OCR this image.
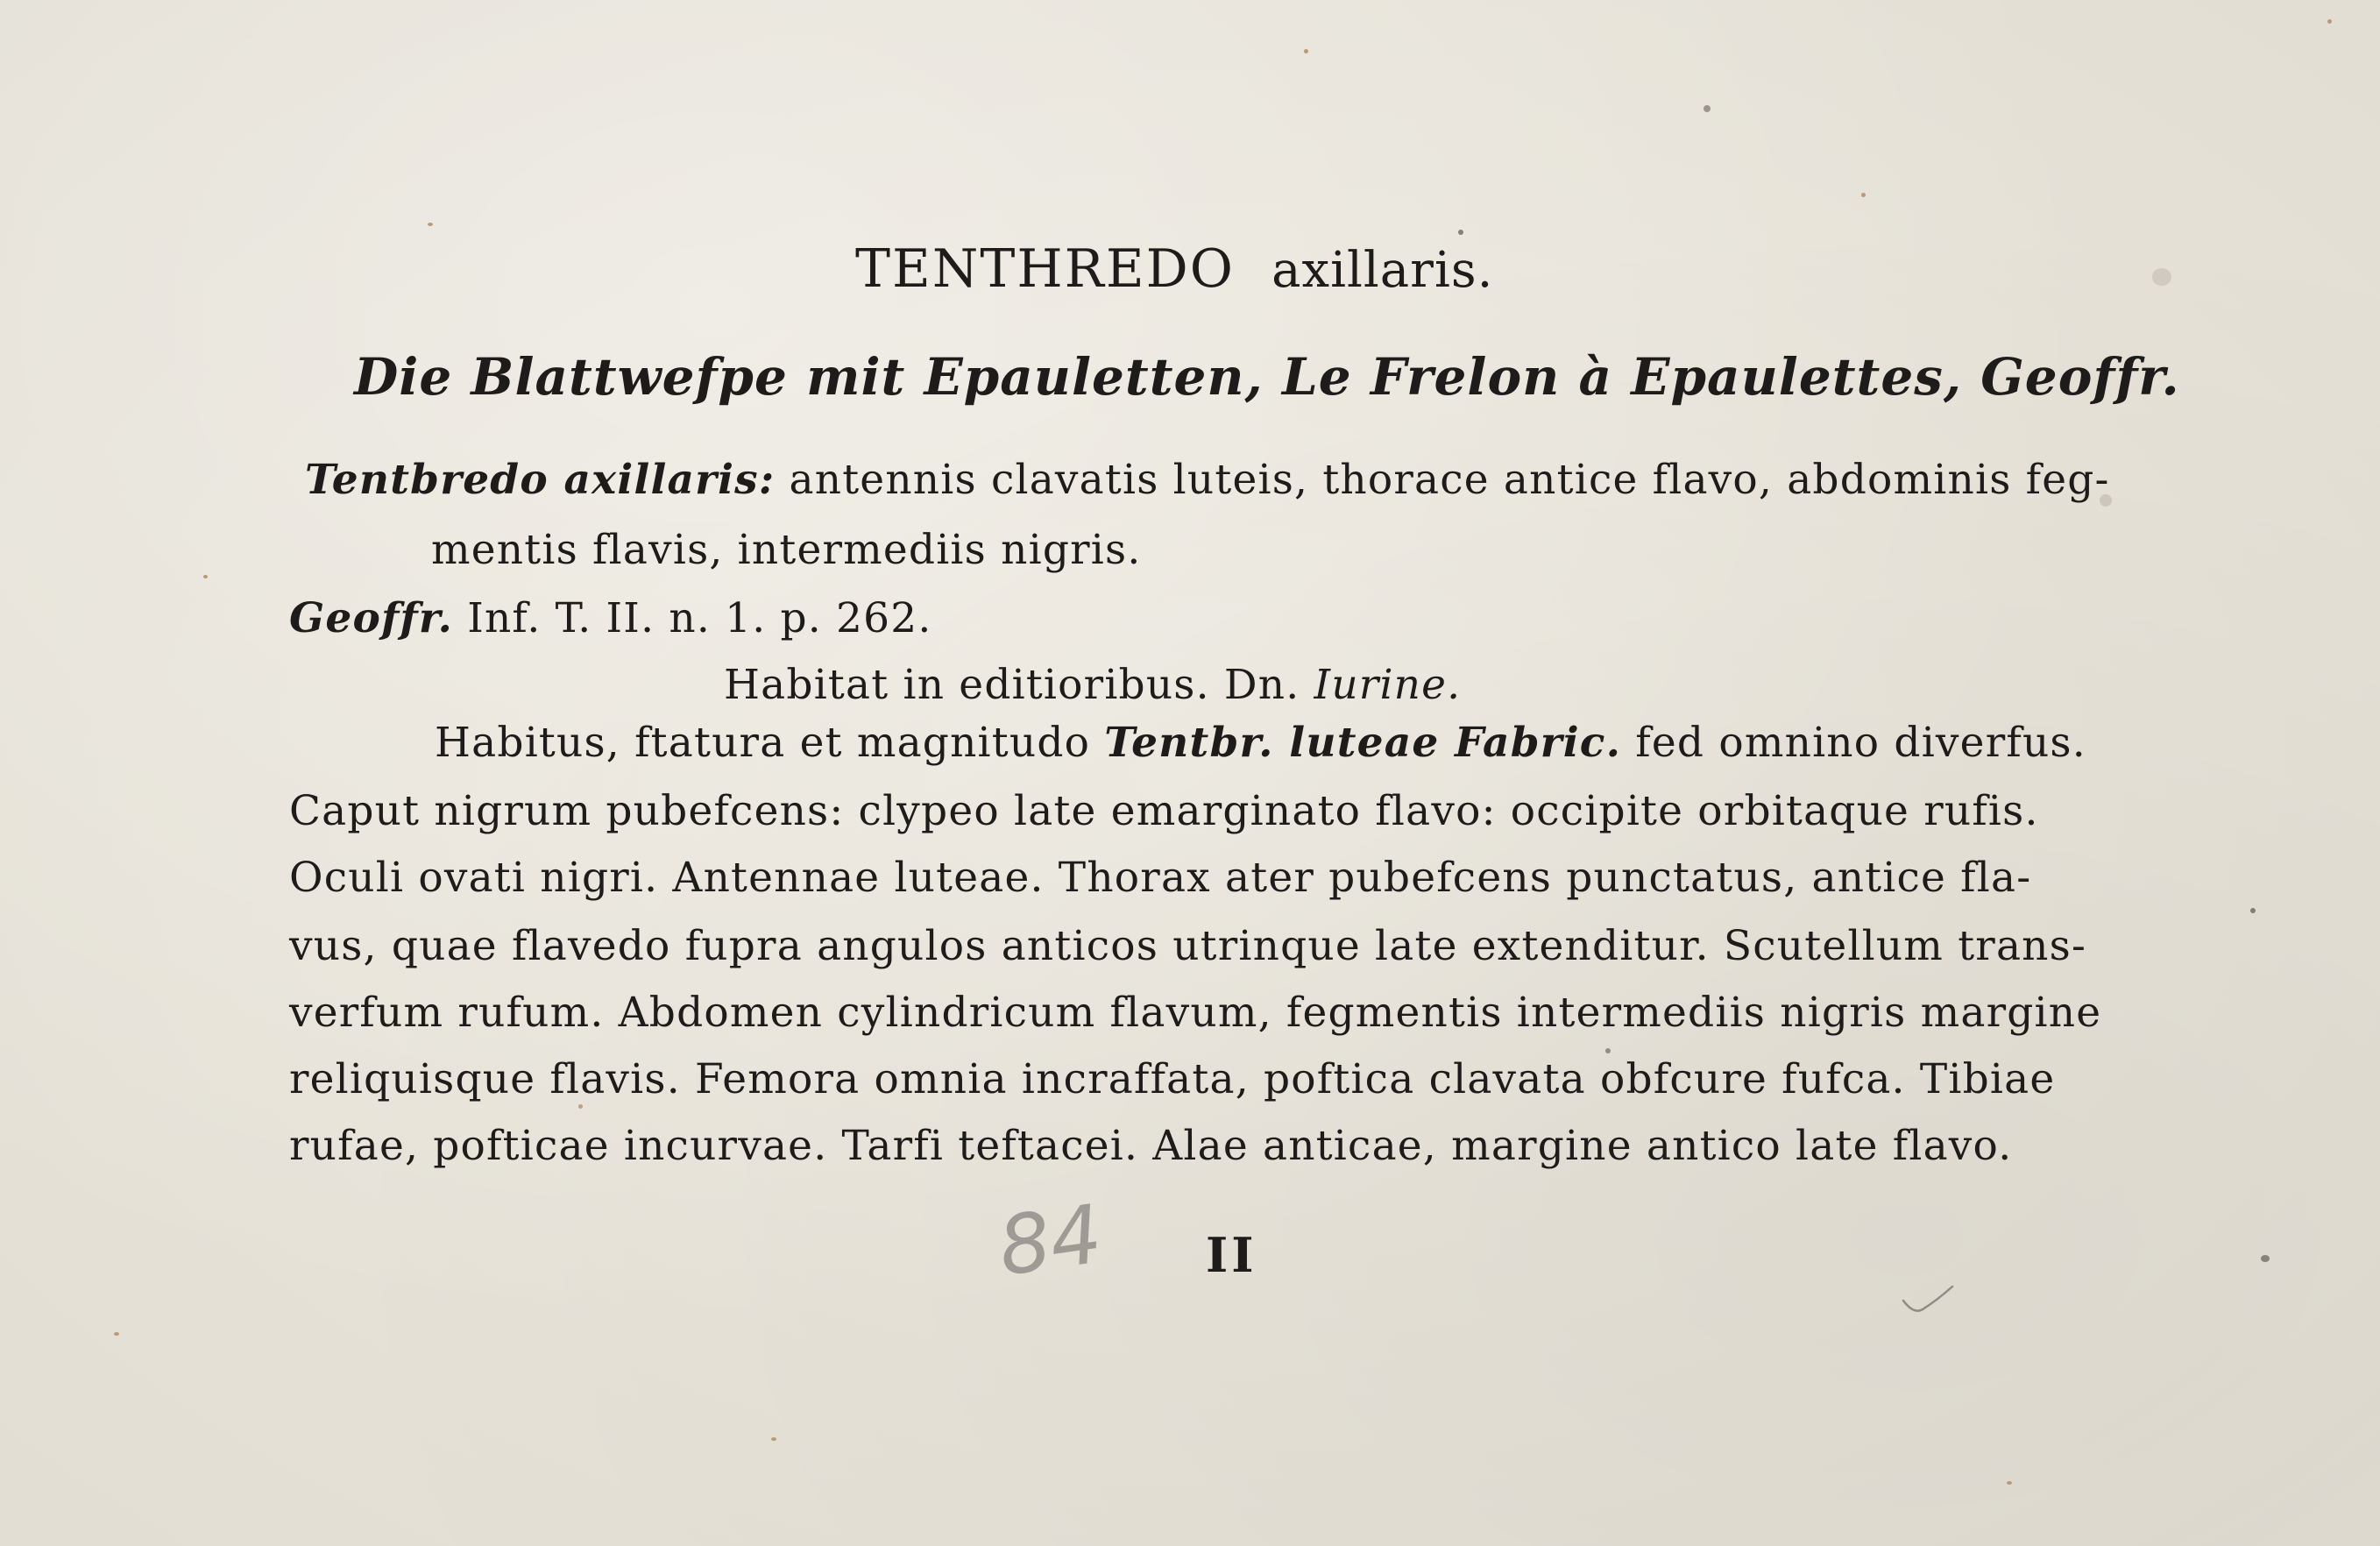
TENTHREDO axillaris.
Die Blattwefpe mit Epauletten, Le Frelon à Epaulettes, Geoffr.
Tentbredo axillaris: antennis clavatis luteis, thorace antice flavo, abdominis feg-
mentis flavis, intermediis nigris.
Geoffr. Inf. T. II. n. 1. p. 262.
Habitat in editioribus. Dn. Iurine.
Habitus, ftatura et magnitudo Tentbr. luteae Fabric. fed omnino diverfus.
Caput nigrum pubefcens: clypeo late emarginato flavo: occipite orbitaque rufis.
Oculi ovati nigri. Antennae luteae. Thorax ater pubefcens punctatus, antice fla-
vus, quae flavedo fupra angulos anticos utrinque late extenditur. Scutellum trans-
verfum rufum. Abdomen cylindricum flavum, fegmentis intermediis nigris margine
reliquisque flavis. Femora omnia incraffata, poftica clavata obfcure fufca. Tibiae
rufae, pofticae incurvae. Tarfi teftacei. Alae anticae, margine antico late flavo.
84 II
